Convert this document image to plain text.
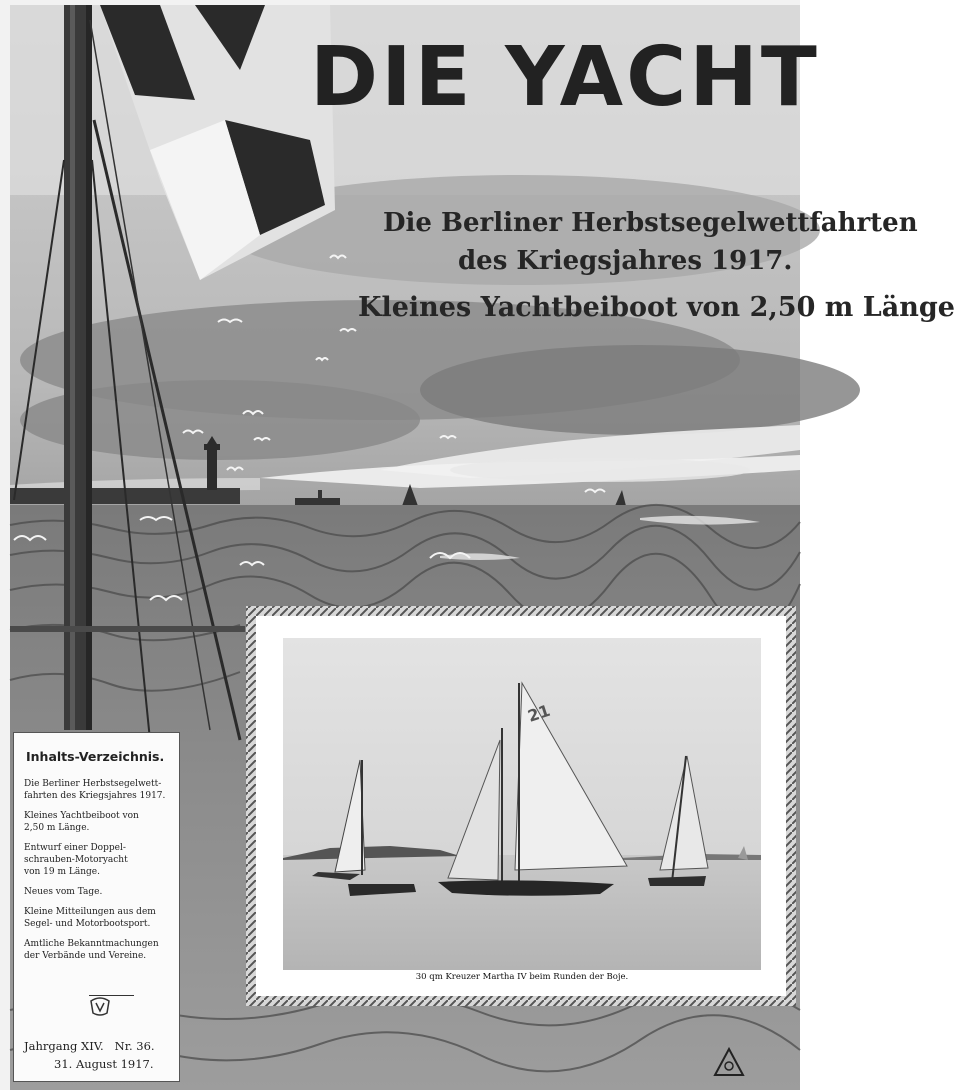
21
DIE YACHT
Die Berliner Herbstsegelwettfahrten
des Kriegsjahres 1917.
Kleines Yachtbeiboot von 2,50 m Länge
Inhalts-Verzeichnis.
Die Berliner Herbstsegelwett-
fahrten des Kriegsjahres 1917.
Kleines Yachtbeiboot von
2,50 m Länge.
Entwurf einer Doppel-
schrauben-Motoryacht
von 19 m Länge.
Neues vom Tage.
Kleine Mitteilungen aus dem
Segel- und Motorbootsport.
Amtliche Bekanntmachungen
der Verbände und Vereine.
Jahrgang XIV. Nr. 36.
31. August 1917.
30 qm Kreuzer Martha IV beim Runden der Boje.
